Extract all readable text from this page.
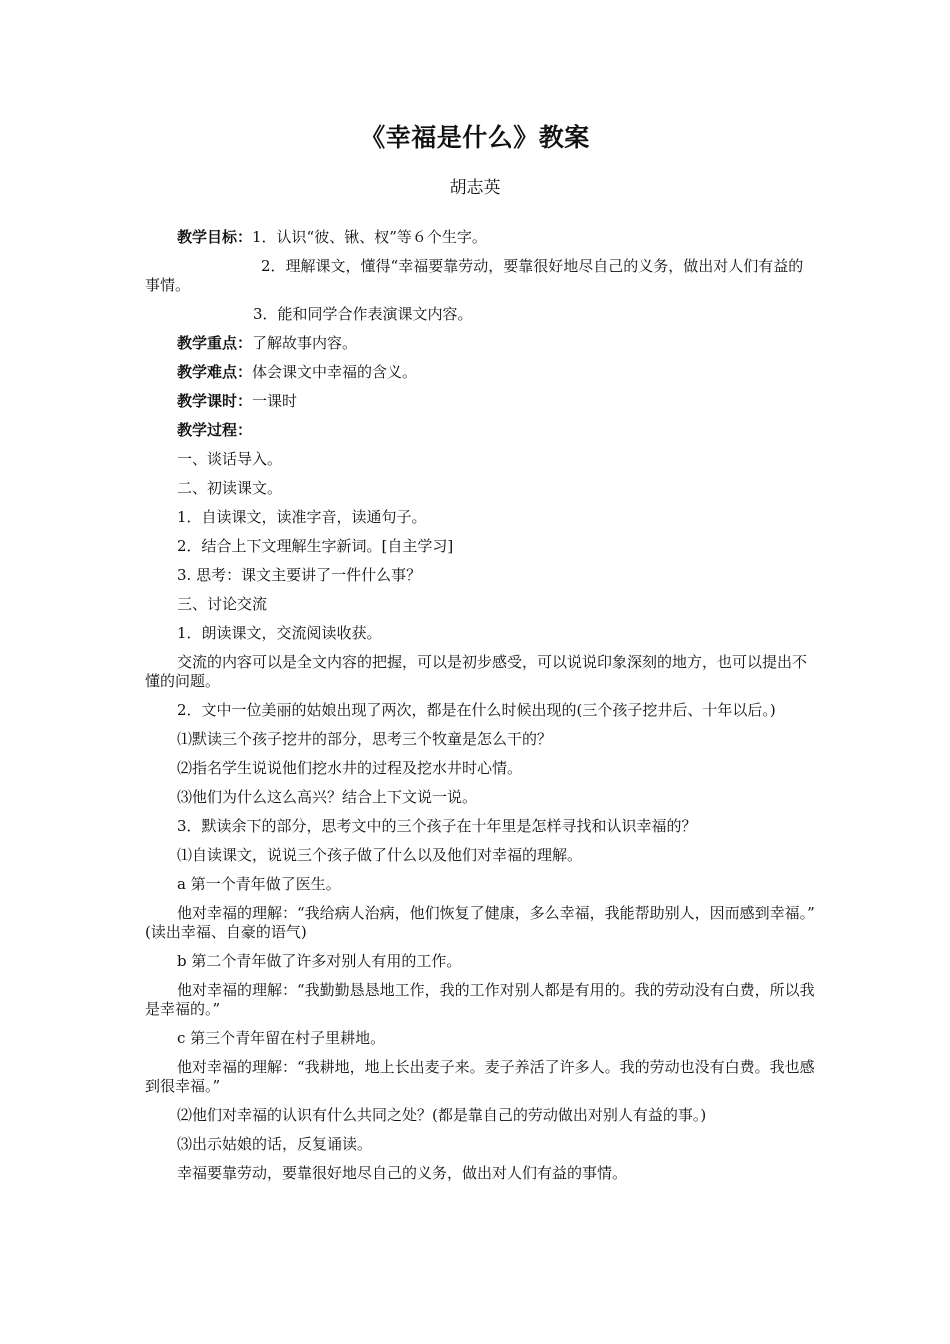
《幸福是什么》教案
胡志英

教学目标：1．认识“彼、锹、杈”等６个生字。

2．理解课文，懂得“幸福要靠劳动，要靠很好地尽自己的义务，做出对人们有益的事情。

3．能和同学合作表演课文内容。

教学重点：了解故事内容。

教学难点：体会课文中幸福的含义。

教学课时：一课时

教学过程：

一、谈话导入。

二、初读课文。

1．自读课文，读准字音，读通句子。

2．结合上下文理解生字新词。[自主学习]

3. 思考：课文主要讲了一件什么事？

三、讨论交流

1．朗读课文，交流阅读收获。

交流的内容可以是全文内容的把握，可以是初步感受，可以说说印象深刻的地方，也可以提出不懂的问题。

2．文中一位美丽的姑娘出现了两次，都是在什么时候出现的(三个孩子挖井后、十年以后。)

⑴默读三个孩子挖井的部分，思考三个牧童是怎么干的？

⑵指名学生说说他们挖水井的过程及挖水井时心情。

⑶他们为什么这么高兴？结合上下文说一说。

3．默读余下的部分，思考文中的三个孩子在十年里是怎样寻找和认识幸福的？

⑴自读课文，说说三个孩子做了什么以及他们对幸福的理解。

a 第一个青年做了医生。

他对幸福的理解：“我给病人治病，他们恢复了健康，多么幸福，我能帮助别人，因而感到幸福。” (读出幸福、自豪的语气)

b 第二个青年做了许多对别人有用的工作。

他对幸福的理解：“我勤勤恳恳地工作，我的工作对别人都是有用的。我的劳动没有白费，所以我是幸福的。”

c 第三个青年留在村子里耕地。

他对幸福的理解：“我耕地，地上长出麦子来。麦子养活了许多人。我的劳动也没有白费。我也感到很幸福。”

⑵他们对幸福的认识有什么共同之处？(都是靠自己的劳动做出对别人有益的事。)

⑶出示姑娘的话，反复诵读。

幸福要靠劳动，要靠很好地尽自己的义务，做出对人们有益的事情。
